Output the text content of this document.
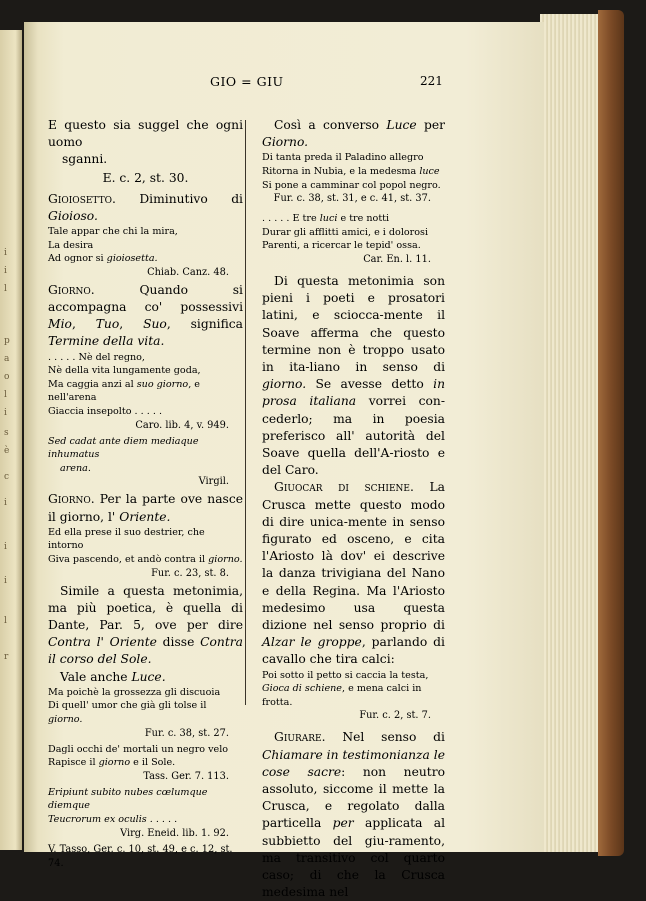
i
i
l
p
a
o
l
i
s
è
c
i
i
i
l
r
GIO = GIU	221

E questo sia suggel che ogni uomo

sganni.

E. c. 2, st. 30.

Gioiosetto. Diminutivo di Gioioso.

Tale appar che chi la mira,

La desira

Ad ognor si gioiosetta.

Chiab. Canz. 48.

Giorno. Quando si accompagna co' possessivi Mio, Tuo, Suo, significa Termine della vita.

. . . . . Nè del regno,

Nè della vita lungamente goda,

Ma caggia anzi al suo giorno, e nell'arena

Giaccia insepolto . . . . .

Caro. lib. 4, v. 949.

Sed cadat ante diem mediaque inhumatus

arena.

Virgil.

Giorno. Per la parte ove nasce il giorno, l' Oriente.

Ed ella prese il suo destrier, che intorno

Giva pascendo, et andò contra il giorno.

Fur. c. 23, st. 8.

Simile a questa metonimia, ma più poetica, è quella di Dante, Par. 5, ove per dire Contra l' Oriente disse Contra il corso del Sole.

Vale anche Luce.

Ma poichè la grossezza gli discuoia

Di quell' umor che già gli tolse il giorno.

Fur. c. 38, st. 27.

Dagli occhi de' mortali un negro velo

Rapisce il giorno e il Sole.

Tass. Ger. 7. 113.

Eripiunt subito nubes cœlumque diemque

Teucrorum ex oculis . . . . .

Virg. Eneid. lib. 1. 92.

V. Tasso, Ger. c. 10, st. 49, e c. 12, st. 74.

Così a converso Luce per Giorno.

Di tanta preda il Paladino allegro

Ritorna in Nubia, e la medesma luce

Si pone a camminar col popol negro.

Fur. c. 38, st. 31, e c. 41, st. 37.

. . . . . E tre luci e tre notti

Durar gli afflitti amici, e i dolorosi

Parenti, a ricercar le tepid' ossa.

Car. En. l. 11.

Di questa metonimia son pieni i poeti e prosatori latini, e sciocca-mente il Soave afferma che questo termine non è troppo usato in ita-liano in senso di giorno. Se avesse detto in prosa italiana vorrei con-cederlo; ma in poesia preferisco all' autorità del Soave quella dell'A-riosto e del Caro.

Giuocar di schiene. La Crusca mette questo modo di dire unica-mente in senso figurato ed osceno, e cita l'Ariosto là dov' ei descrive la danza trivigiana del Nano e della Regina. Ma l'Ariosto medesimo usa questa dizione nel senso proprio di Alzar le groppe, parlando di cavallo che tira calci:

Poi sotto il petto si caccia la testa,

Gioca di schiene, e mena calci in frotta.

Fur. c. 2, st. 7.

Giurare. Nel senso di Chiamare in testimonianza le cose sacre: non neutro assoluto, siccome il mette la Crusca, e regolato dalla particella per applicata al subbietto del giu-ramento, ma transitivo col quarto caso; di che la Crusca medesima nel
